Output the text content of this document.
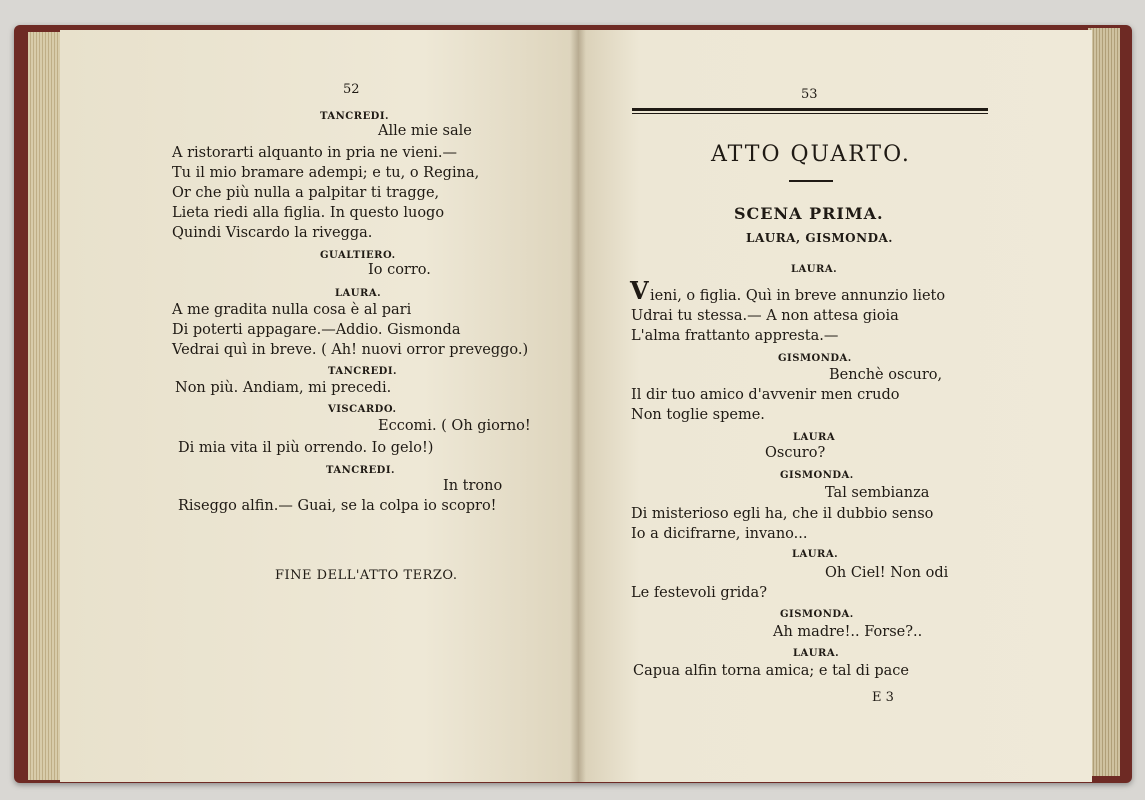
52
TANCREDI.
Alle mie sale
A ristorarti alquanto in pria ne vieni.—
Tu il mio bramare adempi; e tu, o Regina,
Or che più nulla a palpitar ti tragge,
Lieta riedi alla figlia. In questo luogo
Quindi Viscardo la rivegga.
GUALTIERO.
Io corro.
LAURA.
A me gradita nulla cosa è al pari
Di poterti appagare.—Addio. Gismonda
Vedrai quì in breve. ( Ah! nuovi orror preveggo.)
TANCREDI.
Non più. Andiam, mi precedi.
VISCARDO.
Eccomi. ( Oh giorno!
Di mia vita il più orrendo. Io gelo!)
TANCREDI.
In trono
Riseggo alfin.— Guai, se la colpa io scopro!
FINE DELL'ATTO TERZO.
53
ATTO QUARTO.
SCENA PRIMA.
LAURA, GISMONDA.
LAURA.
V ieni, o figlia. Quì in breve annunzio lieto
Udrai tu stessa.— A non attesa gioia
L'alma frattanto appresta.—
GISMONDA.
Benchè oscuro,
Il dir tuo amico d'avvenir men crudo
Non toglie speme.
LAURA
Oscuro?
GISMONDA.
Tal sembianza
Di misterioso egli ha, che il dubbio senso
Io a dicifrarne, invano...
LAURA.
Oh Ciel! Non odi
Le festevoli grida?
GISMONDA.
Ah madre!.. Forse?..
LAURA.
Capua alfin torna amica; e tal di pace
E 3
